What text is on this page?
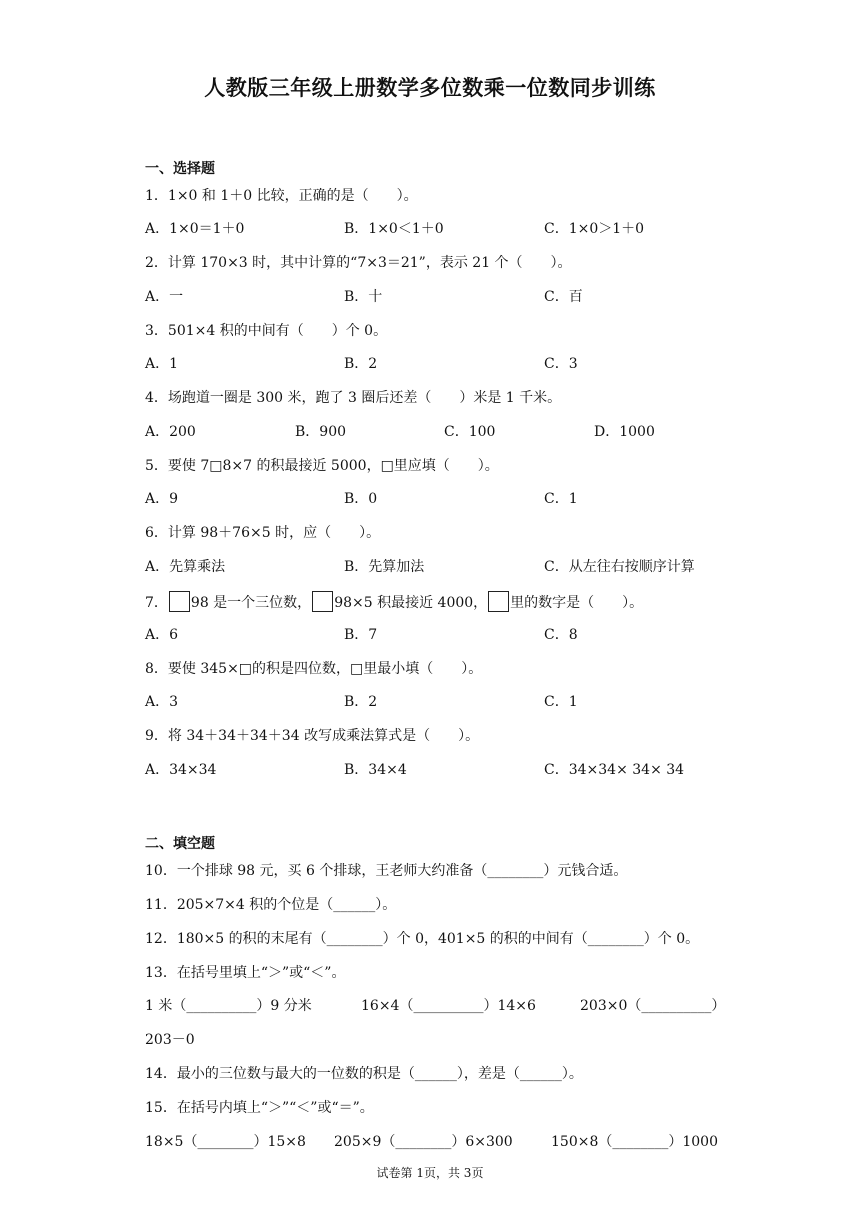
人教版三年级上册数学多位数乘一位数同步训练
一、选择题
1．1×0 和 1＋0 比较，正确的是（　　）。
A．1×0＝1＋0	B．1×0＜1＋0	C．1×0＞1＋0
2．计算 170×3 时，其中计算的“7×3＝21”，表示 21 个（　　）。
A．一	B．十	C．百
3．501×4 积的中间有（　　）个 0。
A．1	B．2	C．3
4．场跑道一圈是 300 米，跑了 3 圈后还差（　　）米是 1 千米。
A．200	B．900	C．100	D．1000
5．要使 7□8×7 的积最接近 5000，□里应填（　　）。
A．9	B．0	C．1
6．计算 98＋76×5 时，应（　　）。
A．先算乘法	B．先算加法	C．从左往右按顺序计算
7． 98 是一个三位数， 98×5 积最接近 4000， 里的数字是（　　）。
A．6	B．7	C．8
8．要使 345×□的积是四位数，□里最小填（　　）。
A．3	B．2	C．1
9．将 34＋34＋34＋34 改写成乘法算式是（　　）。
A．34×34	B．34×4	C．34×34× 34× 34
二、填空题
10．一个排球 98 元，买 6 个排球，王老师大约准备（________）元钱合适。
11．205×7×4 积的个位是（______）。
12．180×5 的积的末尾有（________）个 0，401×5 的积的中间有（________）个 0。
13．在括号里填上“＞”或“＜”。
1 米（__________）9 分米	16×4（__________）14×6	203×0（__________）
203－0
14．最小的三位数与最大的一位数的积是（______），差是（______）。
15．在括号内填上“＞”“＜”或“＝”。
18×5（________）15×8 205×9（________）6×300	150×8（________）1000
试卷第 1页，共 3页
